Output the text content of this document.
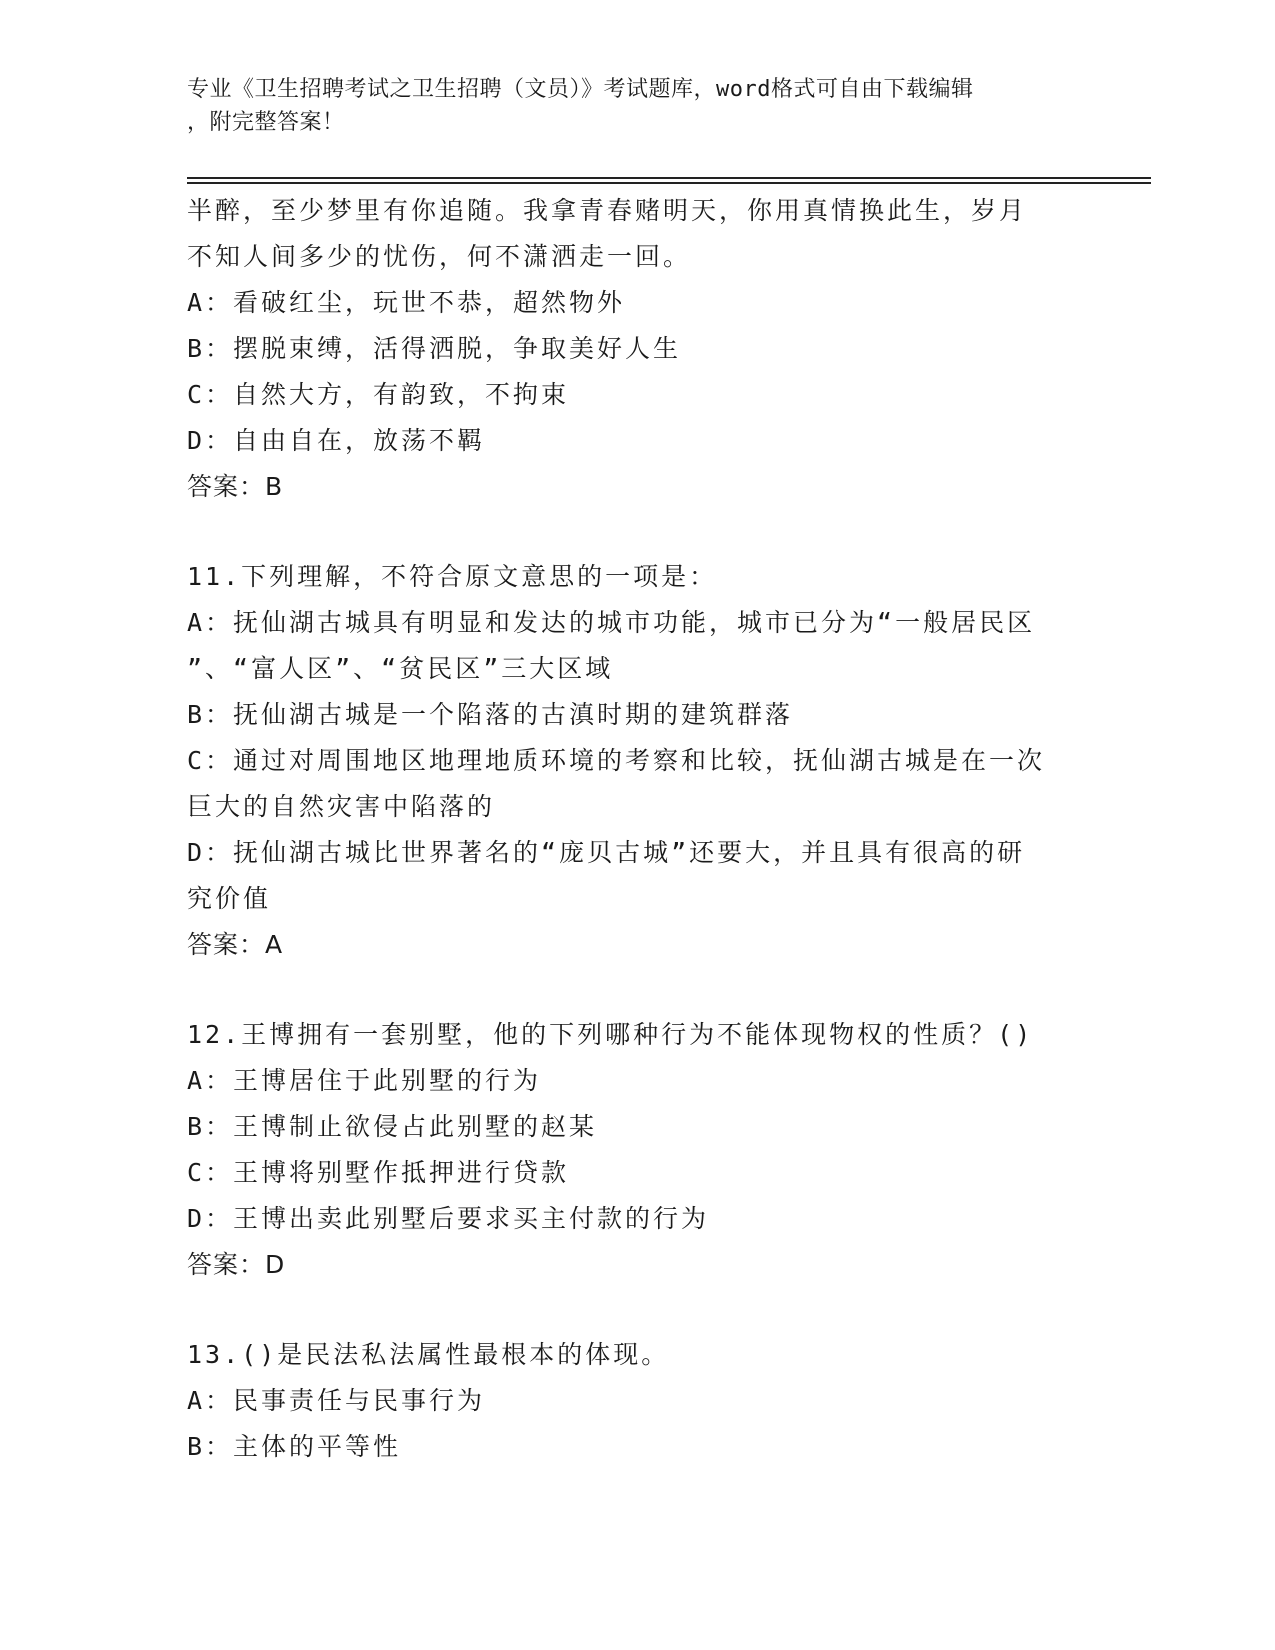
专业《卫生招聘考试之卫生招聘（文员）》考试题库，word格式可自由下载编辑
，附完整答案！
半醉，至少梦里有你追随。我拿青春赌明天，你用真情换此生，岁月
不知人间多少的忧伤，何不潇洒走一回。
A：看破红尘，玩世不恭，超然物外
B：摆脱束缚，活得洒脱，争取美好人生
C：自然大方，有韵致，不拘束
D：自由自在，放荡不羁
答案：B
11.下列理解，不符合原文意思的一项是：
A：抚仙湖古城具有明显和发达的城市功能，城市已分为“一般居民区
”、“富人区”、“贫民区”三大区域
B：抚仙湖古城是一个陷落的古滇时期的建筑群落
C：通过对周围地区地理地质环境的考察和比较，抚仙湖古城是在一次
巨大的自然灾害中陷落的
D：抚仙湖古城比世界著名的“庞贝古城”还要大，并且具有很高的研
究价值
答案：A
12.王博拥有一套别墅，他的下列哪种行为不能体现物权的性质？()
A：王博居住于此别墅的行为
B：王博制止欲侵占此别墅的赵某
C：王博将别墅作抵押进行贷款
D：王博出卖此别墅后要求买主付款的行为
答案：D
13.()是民法私法属性最根本的体现。
A：民事责任与民事行为
B：主体的平等性
